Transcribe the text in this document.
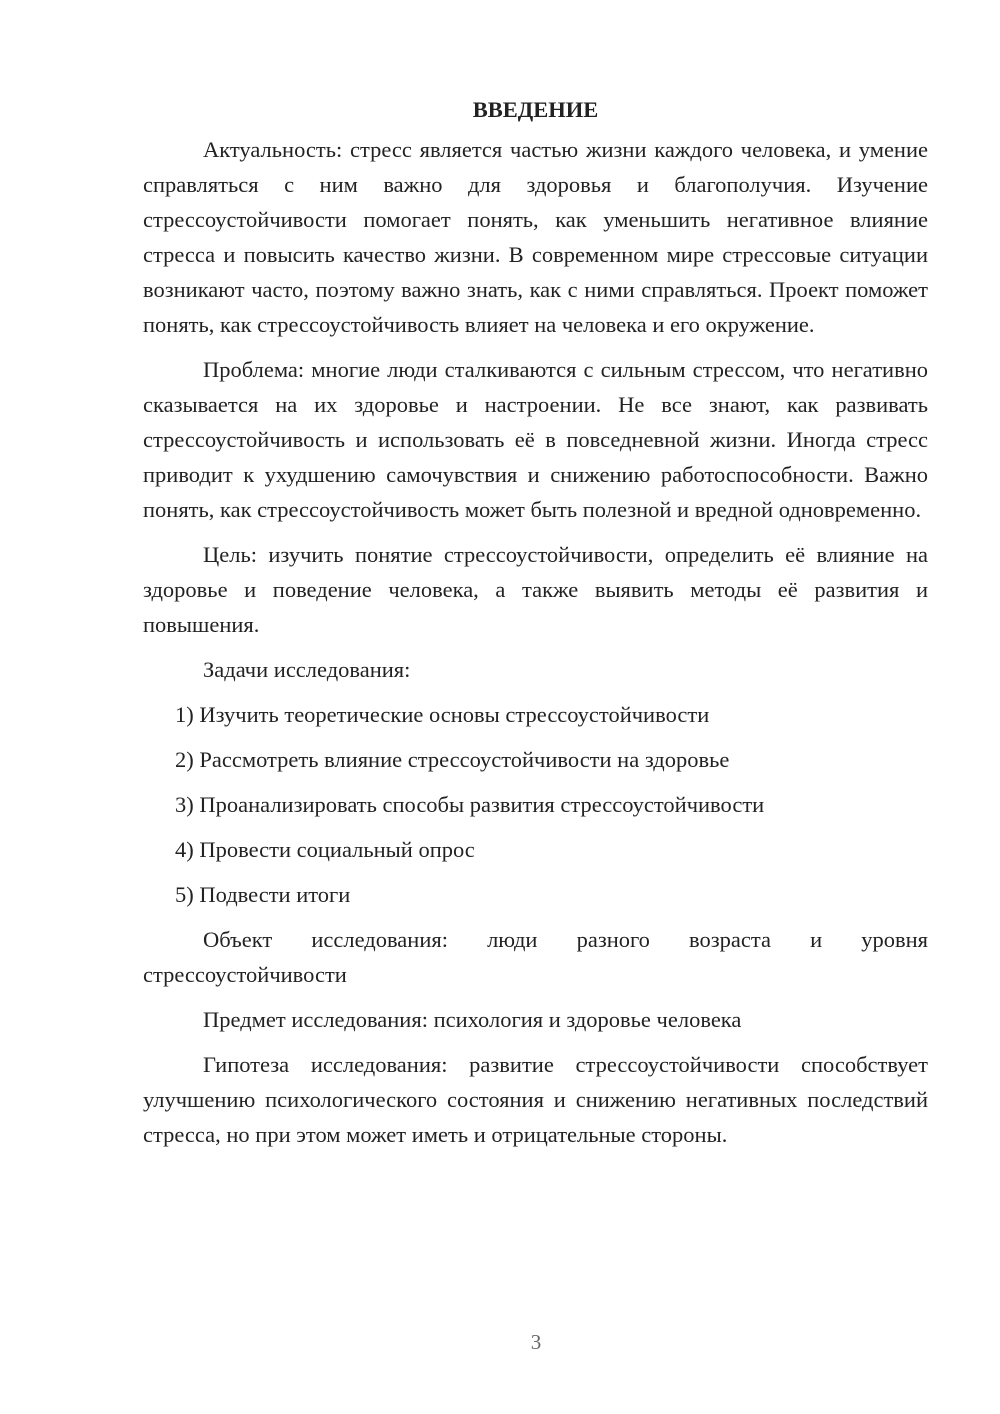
ВВЕДЕНИЕ

Актуальность: стресс является частью жизни каждого человека, и умение справляться с ним важно для здоровья и благополучия. Изучение стрессоустойчивости помогает понять, как уменьшить негативное влияние стресса и повысить качество жизни. В современном мире стрессовые ситуации возникают часто, поэтому важно знать, как с ними справляться. Проект поможет понять, как стрессоустойчивость влияет на человека и его окружение.

Проблема: многие люди сталкиваются с сильным стрессом, что негативно сказывается на их здоровье и настроении. Не все знают, как развивать стрессоустойчивость и использовать её в повседневной жизни. Иногда стресс приводит к ухудшению самочувствия и снижению работоспособности. Важно понять, как стрессоустойчивость может быть полезной и вредной одновременно.

Цель: изучить понятие стрессоустойчивости, определить её влияние на здоровье и поведение человека, а также выявить методы её развития и повышения.

Задачи исследования:
1) Изучить теоретические основы стрессоустойчивости
2) Рассмотреть влияние стрессоустойчивости на здоровье
3) Проанализировать способы развития стрессоустойчивости
4) Провести социальный опрос
5) Подвести итоги

Объект исследования: люди разного возраста и уровня стрессоустойчивости

Предмет исследования: психология и здоровье человека

Гипотеза исследования: развитие стрессоустойчивости способствует улучшению психологического состояния и снижению негативных последствий стресса, но при этом может иметь и отрицательные стороны.

3
